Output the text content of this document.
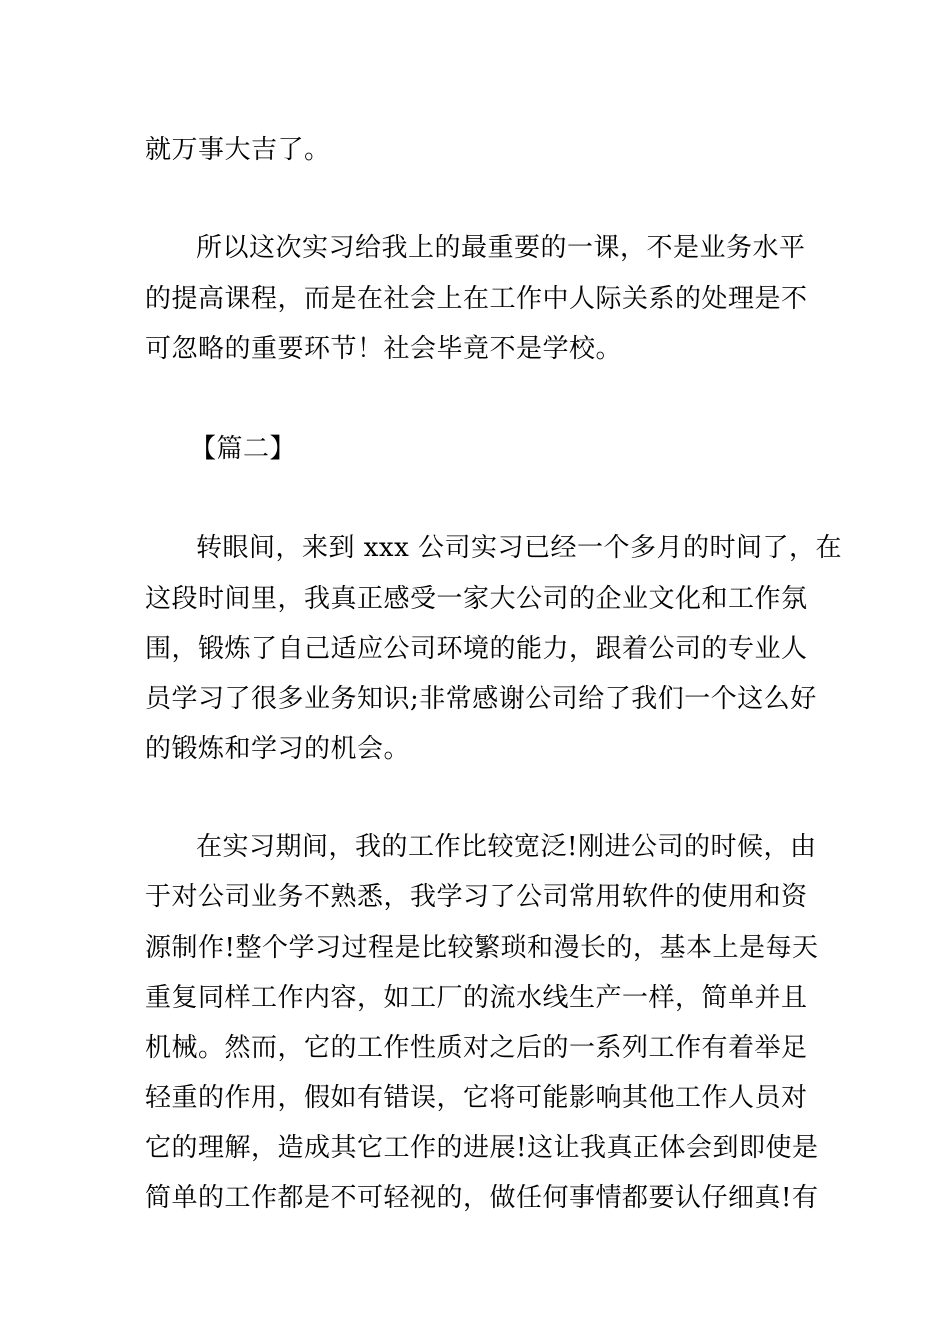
就万事大吉了。
所以这次实习给我上的最重要的一课，不是业务水平
的提高课程，而是在社会上在工作中人际关系的处理是不
可忽略的重要环节！社会毕竟不是学校。
【篇二】
转眼间，来到 xxx 公司实习已经一个多月的时间了，在
这段时间里，我真正感受一家大公司的企业文化和工作氛
围，锻炼了自己适应公司环境的能力，跟着公司的专业人
员学习了很多业务知识;非常感谢公司给了我们一个这么好
的锻炼和学习的机会。
在实习期间，我的工作比较宽泛!刚进公司的时候，由
于对公司业务不熟悉，我学习了公司常用软件的使用和资
源制作!整个学习过程是比较繁琐和漫长的，基本上是每天
重复同样工作内容，如工厂的流水线生产一样，简单并且
机械。然而，它的工作性质对之后的一系列工作有着举足
轻重的作用，假如有错误，它将可能影响其他工作人员对
它的理解，造成其它工作的进展!这让我真正体会到即使是
简单的工作都是不可轻视的，做任何事情都要认仔细真!有
